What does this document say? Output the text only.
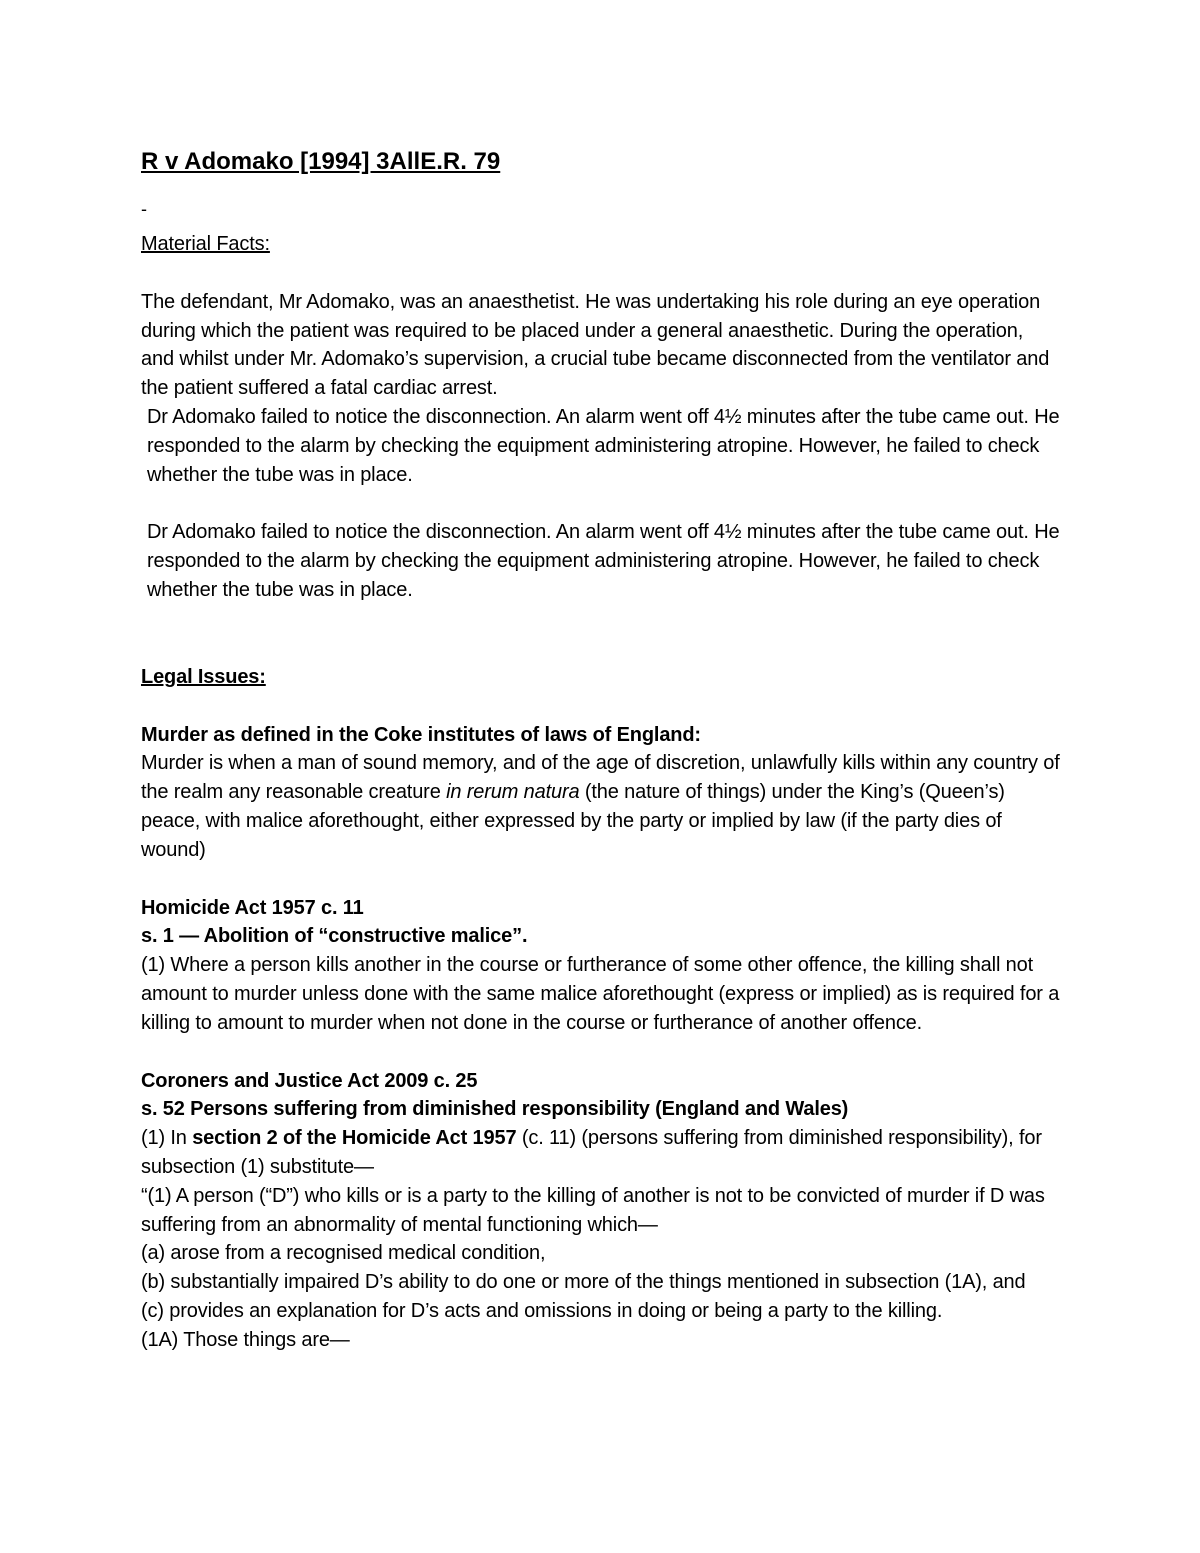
R v Adomako [1994] 3AllE.R. 79
-

Material Facts:

The defendant, Mr Adomako, was an anaesthetist. He was undertaking his role during an eye operation during which the patient was required to be placed under a general anaesthetic. During the operation, and whilst under Mr. Adomako’s supervision, a crucial tube became disconnected from the ventilator and the patient suffered a fatal cardiac arrest.

Dr Adomako failed to notice the disconnection. An alarm went off 4½ minutes after the tube came out. He responded to the alarm by checking the equipment administering atropine. However, he failed to check whether the tube was in place.

Dr Adomako failed to notice the disconnection. An alarm went off 4½ minutes after the tube came out. He responded to the alarm by checking the equipment administering atropine. However, he failed to check whether the tube was in place.

Legal Issues:

Murder as defined in the Coke institutes of laws of England:

Murder is when a man of sound memory, and of the age of discretion, unlawfully kills within any country of the realm any reasonable creature in rerum natura (the nature of things) under the King’s (Queen’s) peace, with malice aforethought, either expressed by the party or implied by law (if the party dies of wound)

Homicide Act 1957 c. 11

s. 1 — Abolition of “constructive malice”.

(1) Where a person kills another in the course or furtherance of some other offence, the killing shall not amount to murder unless done with the same malice aforethought (express or implied) as is required for a killing to amount to murder when not done in the course or furtherance of another offence.

Coroners and Justice Act 2009 c. 25

s. 52 Persons suffering from diminished responsibility (England and Wales)

(1) In section 2 of the Homicide Act 1957 (c. 11) (persons suffering from diminished responsibility), for subsection (1) substitute—

“(1) A person (“D”) who kills or is a party to the killing of another is not to be convicted of murder if D was suffering from an abnormality of mental functioning which—

(a) arose from a recognised medical condition,

(b) substantially impaired D’s ability to do one or more of the things mentioned in subsection (1A), and

(c) provides an explanation for D’s acts and omissions in doing or being a party to the killing.

(1A) Those things are—
